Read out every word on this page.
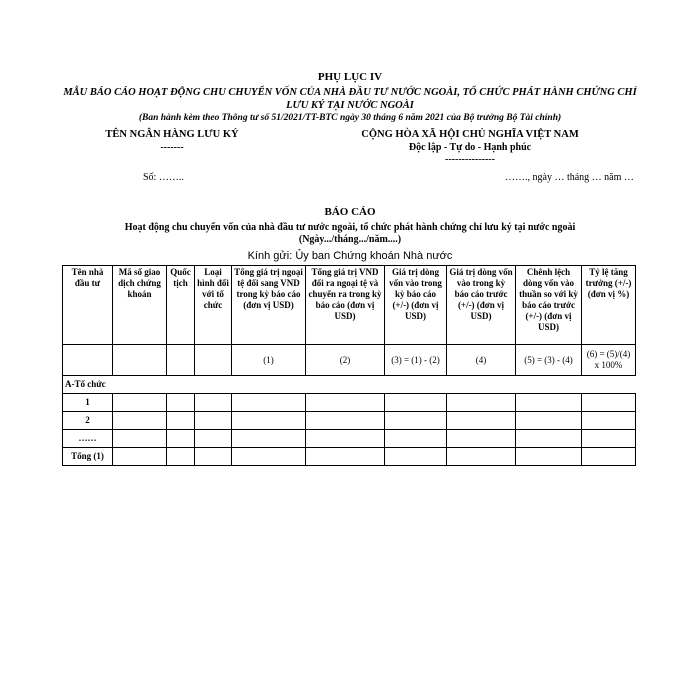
PHỤ LỤC IV
MẪU BÁO CÁO HOẠT ĐỘNG CHU CHUYỂN VỐN CỦA NHÀ ĐẦU TƯ NƯỚC NGOÀI, TỔ CHỨC PHÁT HÀNH CHỨNG CHỈ LƯU KÝ TẠI NƯỚC NGOÀI
(Ban hành kèm theo Thông tư số 51/2021/TT-BTC ngày 30 tháng 6 năm 2021 của Bộ trưởng Bộ Tài chính)
TÊN NGÂN HÀNG LƯU KÝ
-------
CỘNG HÒA XÃ HỘI CHỦ NGHĨA VIỆT NAM
Độc lập - Tự do - Hạnh phúc
---------------
Số: ……..	……., ngày … tháng … năm …
BÁO CÁO
Hoạt động chu chuyển vốn của nhà đầu tư nước ngoài, tổ chức phát hành chứng chỉ lưu ký tại nước ngoài (Ngày.../tháng.../năm....)
Kính gửi: Ủy ban Chứng khoán Nhà nước
Tên nhà đầu tư	Mã số giao dịch chứng khoán	Quốc tịch	Loại hình đối với tổ chức	Tổng giá trị ngoại tệ đổi sang VND trong kỳ báo cáo (đơn vị USD)	Tổng giá trị VND đổi ra ngoại tệ và chuyển ra trong kỳ báo cáo (đơn vị USD)	Giá trị dòng vốn vào trong kỳ báo cáo (+/-) (đơn vị USD)	Giá trị dòng vốn vào trong kỳ báo cáo trước (+/-) (đơn vị USD)	Chênh lệch dòng vốn vào thuần so với kỳ báo cáo trước (+/-) (đơn vị USD)	Tỷ lệ tăng trưởng (+/-) (đơn vị %)
				(1)	(2)	(3) = (1) - (2)	(4)	(5) = (3) - (4)	(6) = (5)/(4) x 100%
A-Tổ chức									
1									
2									
……									
Tổng (1)									
